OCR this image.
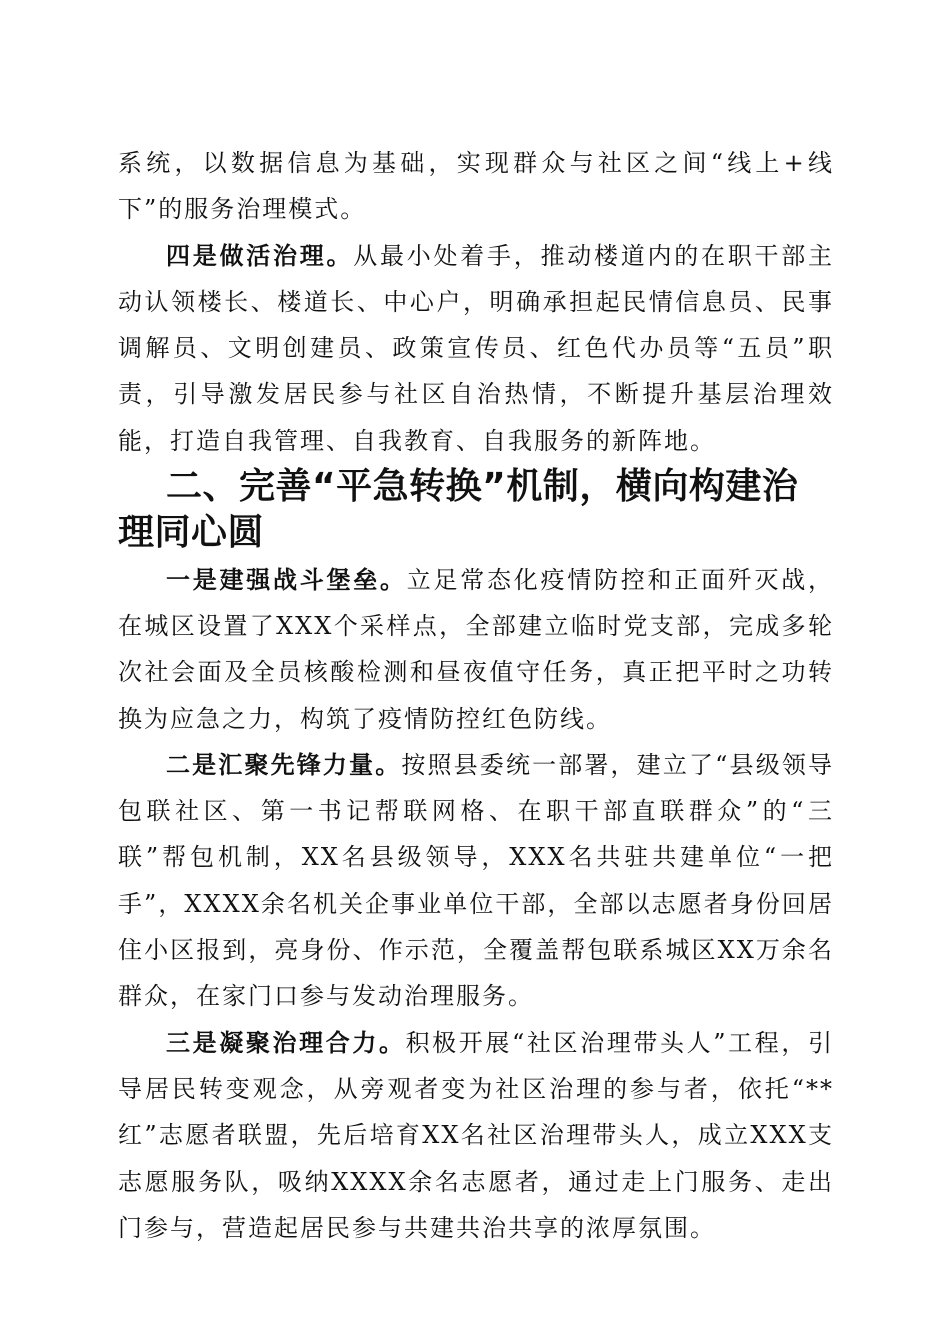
系统，以数据信息为基础，实现群众与社区之间“线上+线下”的服务治理模式。

四是做活治理。从最小处着手，推动楼道内的在职干部主动认领楼长、楼道长、中心户，明确承担起民情信息员、民事调解员、文明创建员、政策宣传员、红色代办员等“五员”职责，引导激发居民参与社区自治热情，不断提升基层治理效能，打造自我管理、自我教育、自我服务的新阵地。

二、完善“平急转换”机制，横向构建治理同心圆

一是建强战斗堡垒。立足常态化疫情防控和正面歼灭战，在城区设置了XXX个采样点，全部建立临时党支部，完成多轮次社会面及全员核酸检测和昼夜值守任务，真正把平时之功转换为应急之力，构筑了疫情防控红色防线。

二是汇聚先锋力量。按照县委统一部署，建立了“县级领导包联社区、第一书记帮联网格、在职干部直联群众”的“三联”帮包机制，XX名县级领导，XXX名共驻共建单位“一把手”，XXXX余名机关企事业单位干部，全部以志愿者身份回居住小区报到，亮身份、作示范，全覆盖帮包联系城区XX万余名群众，在家门口参与发动治理服务。

三是凝聚治理合力。积极开展“社区治理带头人”工程，引导居民转变观念，从旁观者变为社区治理的参与者，依托“**红”志愿者联盟，先后培育XX名社区治理带头人，成立XXX支志愿服务队，吸纳XXXX余名志愿者，通过走上门服务、走出门参与，营造起居民参与共建共治共享的浓厚氛围。
